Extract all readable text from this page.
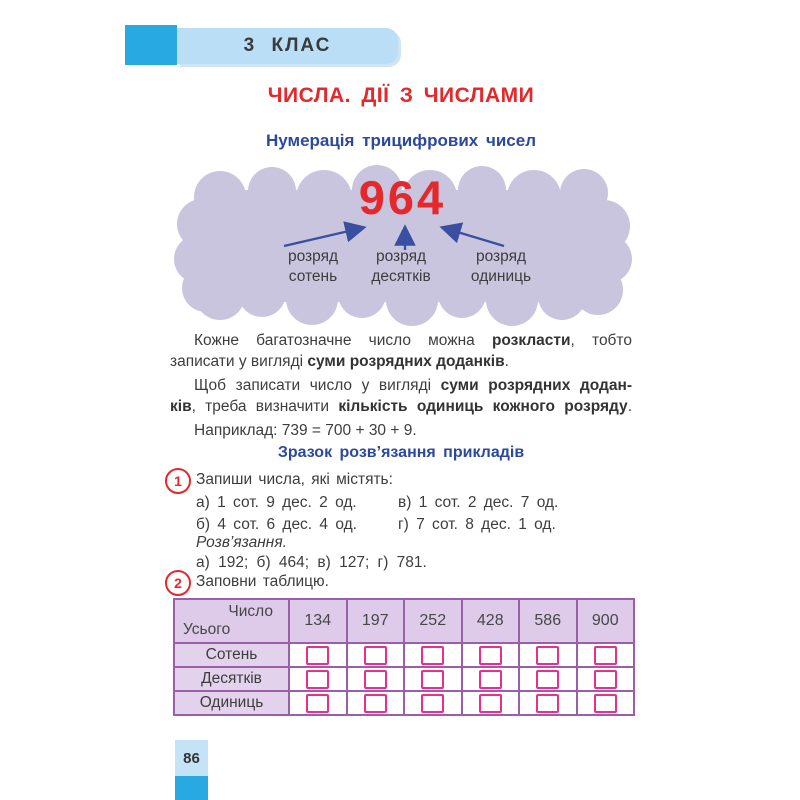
3 КЛАС
ЧИСЛА. ДІЇ З ЧИСЛАМИ
Нумерація трицифрових чисел
964
розряд
сотень
розряд
десятків
розряд
одиниць
Кожне багатозначне число можна розкласти, тобто
записати у вигляді суми розрядних доданків.
Щоб записати число у вигляді суми розрядних додан-
ків, треба визначити кількість одиниць кожного розряду.
Наприклад: 739 = 700 + 30 + 9.
Зразок розв’язання прикладів
1 Запиши числа, які містять:
а) 1 сот. 9 дес. 2 од.	в) 1 сот. 2 дес. 7 од.
б) 4 сот. 6 дес. 4 од.	г) 7 сот. 8 дес. 1 од.
Розв’язання.
а) 192; б) 464; в) 127; г) 781.
2 Заповни таблицю.
Число
Усього	134	197	252	428	586	900
Сотень						
Десятків						
Одиниць						
86
